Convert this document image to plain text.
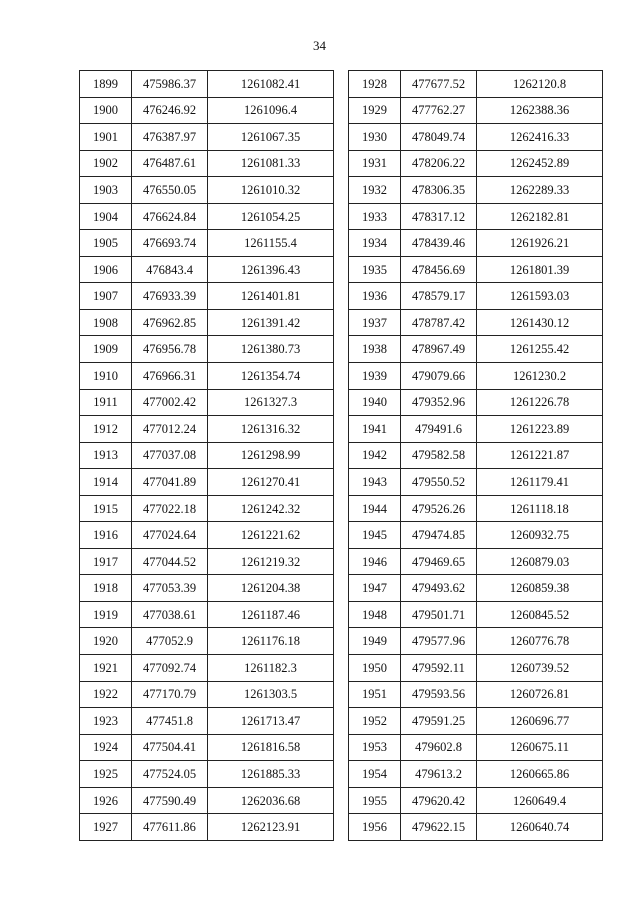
34
1899	475986.37	1261082.41
1900	476246.92	1261096.4
1901	476387.97	1261067.35
1902	476487.61	1261081.33
1903	476550.05	1261010.32
1904	476624.84	1261054.25
1905	476693.74	1261155.4
1906	476843.4	1261396.43
1907	476933.39	1261401.81
1908	476962.85	1261391.42
1909	476956.78	1261380.73
1910	476966.31	1261354.74
1911	477002.42	1261327.3
1912	477012.24	1261316.32
1913	477037.08	1261298.99
1914	477041.89	1261270.41
1915	477022.18	1261242.32
1916	477024.64	1261221.62
1917	477044.52	1261219.32
1918	477053.39	1261204.38
1919	477038.61	1261187.46
1920	477052.9	1261176.18
1921	477092.74	1261182.3
1922	477170.79	1261303.5
1923	477451.8	1261713.47
1924	477504.41	1261816.58
1925	477524.05	1261885.33
1926	477590.49	1262036.68
1927	477611.86	1262123.91
1928	477677.52	1262120.8
1929	477762.27	1262388.36
1930	478049.74	1262416.33
1931	478206.22	1262452.89
1932	478306.35	1262289.33
1933	478317.12	1262182.81
1934	478439.46	1261926.21
1935	478456.69	1261801.39
1936	478579.17	1261593.03
1937	478787.42	1261430.12
1938	478967.49	1261255.42
1939	479079.66	1261230.2
1940	479352.96	1261226.78
1941	479491.6	1261223.89
1942	479582.58	1261221.87
1943	479550.52	1261179.41
1944	479526.26	1261118.18
1945	479474.85	1260932.75
1946	479469.65	1260879.03
1947	479493.62	1260859.38
1948	479501.71	1260845.52
1949	479577.96	1260776.78
1950	479592.11	1260739.52
1951	479593.56	1260726.81
1952	479591.25	1260696.77
1953	479602.8	1260675.11
1954	479613.2	1260665.86
1955	479620.42	1260649.4
1956	479622.15	1260640.74
